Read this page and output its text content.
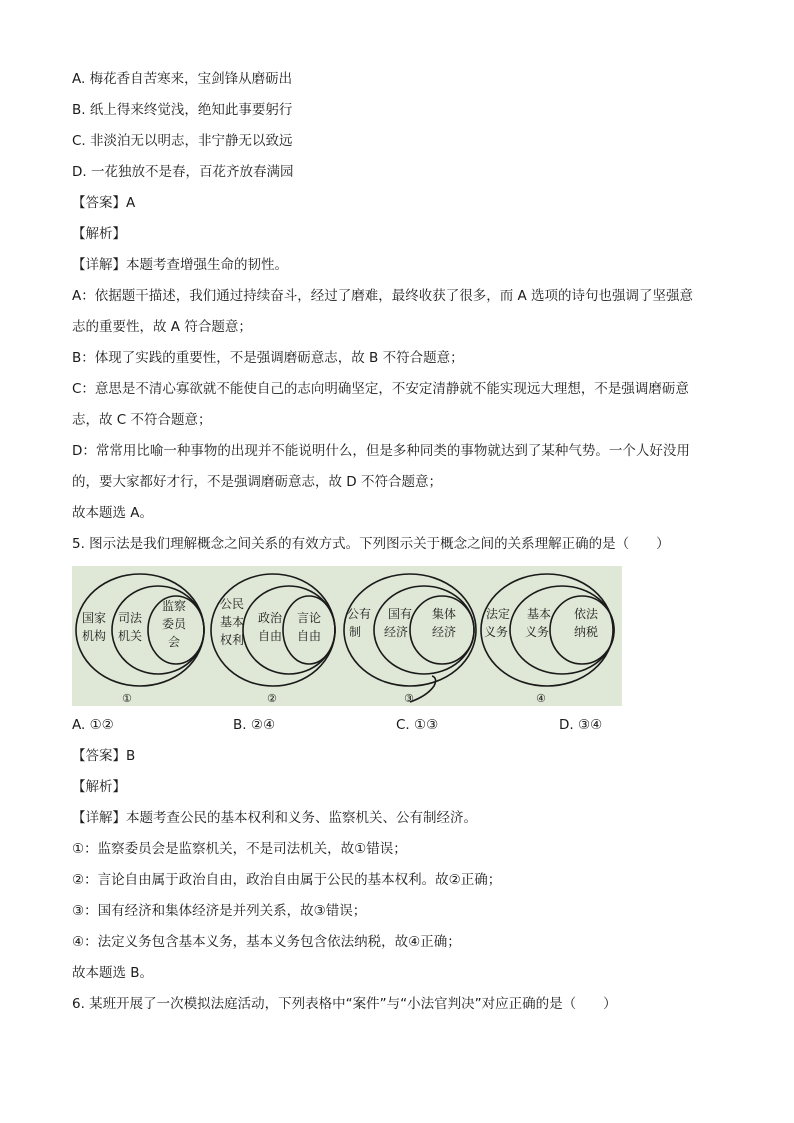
A. 梅花香自苦寒来，宝剑锋从磨砺出
B. 纸上得来终觉浅，绝知此事要躬行
C. 非淡泊无以明志，非宁静无以致远
D. 一花独放不是春，百花齐放春满园
【答案】A
【解析】
【详解】本题考查增强生命的韧性。
A：依据题干描述，我们通过持续奋斗，经过了磨难，最终收获了很多，而 A 选项的诗句也强调了坚强意
志的重要性，故 A 符合题意；
B：体现了实践的重要性，不是强调磨砺意志，故 B 不符合题意；
C：意思是不清心寡欲就不能使自己的志向明确坚定，不安定清静就不能实现远大理想，不是强调磨砺意
志，故 C 不符合题意；
D：常常用比喻一种事物的出现并不能说明什么，但是多种同类的事物就达到了某种气势。一个人好没用
的，要大家都好才行，不是强调磨砺意志，故 D 不符合题意；
故本题选 A。
5. 图示法是我们理解概念之间关系的有效方式。下列图示关于概念之间的关系理解正确的是（　　）
国家机构
司法机关
监察委员会
①
公民基本权利
政治自由
言论自由
②
公有制
国有经济
集体经济
③
法定义务
基本义务
依法纳税
④
A. ①②	B. ②④	C. ①③	D. ③④
【答案】B
【解析】
【详解】本题考查公民的基本权利和义务、监察机关、公有制经济。
①：监察委员会是监察机关，不是司法机关，故①错误；
②：言论自由属于政治自由，政治自由属于公民的基本权利。故②正确；
③：国有经济和集体经济是并列关系，故③错误；
④：法定义务包含基本义务，基本义务包含依法纳税，故④正确；
故本题选 B。
6. 某班开展了一次模拟法庭活动，下列表格中“案件”与“小法官判决”对应正确的是（　　）
